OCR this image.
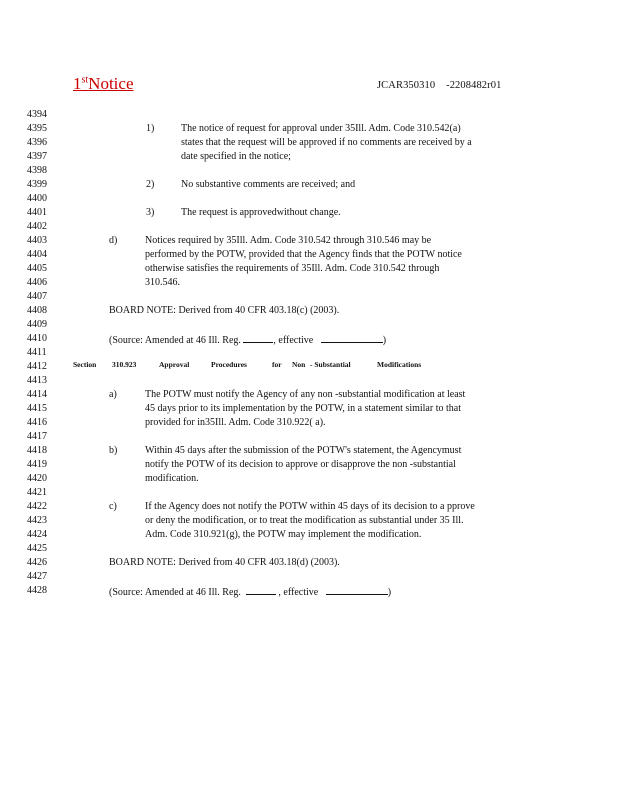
1stNotice	JCAR350310 -2208482r01
4394
4395
4396
4397
4398
4399
4400
4401
4402
4403
4404
4405
4406
4407
4408
4409
4410
4411
4412
4413
4414
4415
4416
4417
4418
4419
4420
4421
4422
4423
4424
4425
4426
4427
4428
1)	The notice of request for approval under 35Ill. Adm. Code 310.542(a)
states that the request will be approved if no comments are received by a
date specified in the notice;
2)	No substantive comments are received; and
3)	The request is approvedwithout change.
d)	Notices required by 35Ill. Adm. Code 310.542 through 310.546 may be
performed by the POTW, provided that the Agency finds that the POTW notice
otherwise satisfies the requirements of 35Ill. Adm. Code 310.542 through
310.546.
BOARD NOTE: Derived from 40 CFR 403.18(c) (2003).
(Source: Amended at 46 Ill. Reg.	, effective	)
Section 310.923	Approval	Procedures	for Non - Substantial	Modifications
a)	The POTW must notify the Agency of any non -substantial modification at least
45 days prior to its implementation by the POTW, in a statement similar to that
provided for in35Ill. Adm. Code 310.922( a).
b)	Within 45 days after the submission of the POTW's statement, the Agencymust
notify the POTW of its decision to approve or disapprove the non -substantial
modification.
c)	If the Agency does not notify the POTW within 45 days of its decision to a pprove
or deny the modification, or to treat the modification as substantial under 35 Ill.
Adm. Code 310.921(g), the POTW may implement the modification.
BOARD NOTE: Derived from 40 CFR 403.18(d) (2003).
(Source: Amended at 46 Ill. Reg.	, effective	)
